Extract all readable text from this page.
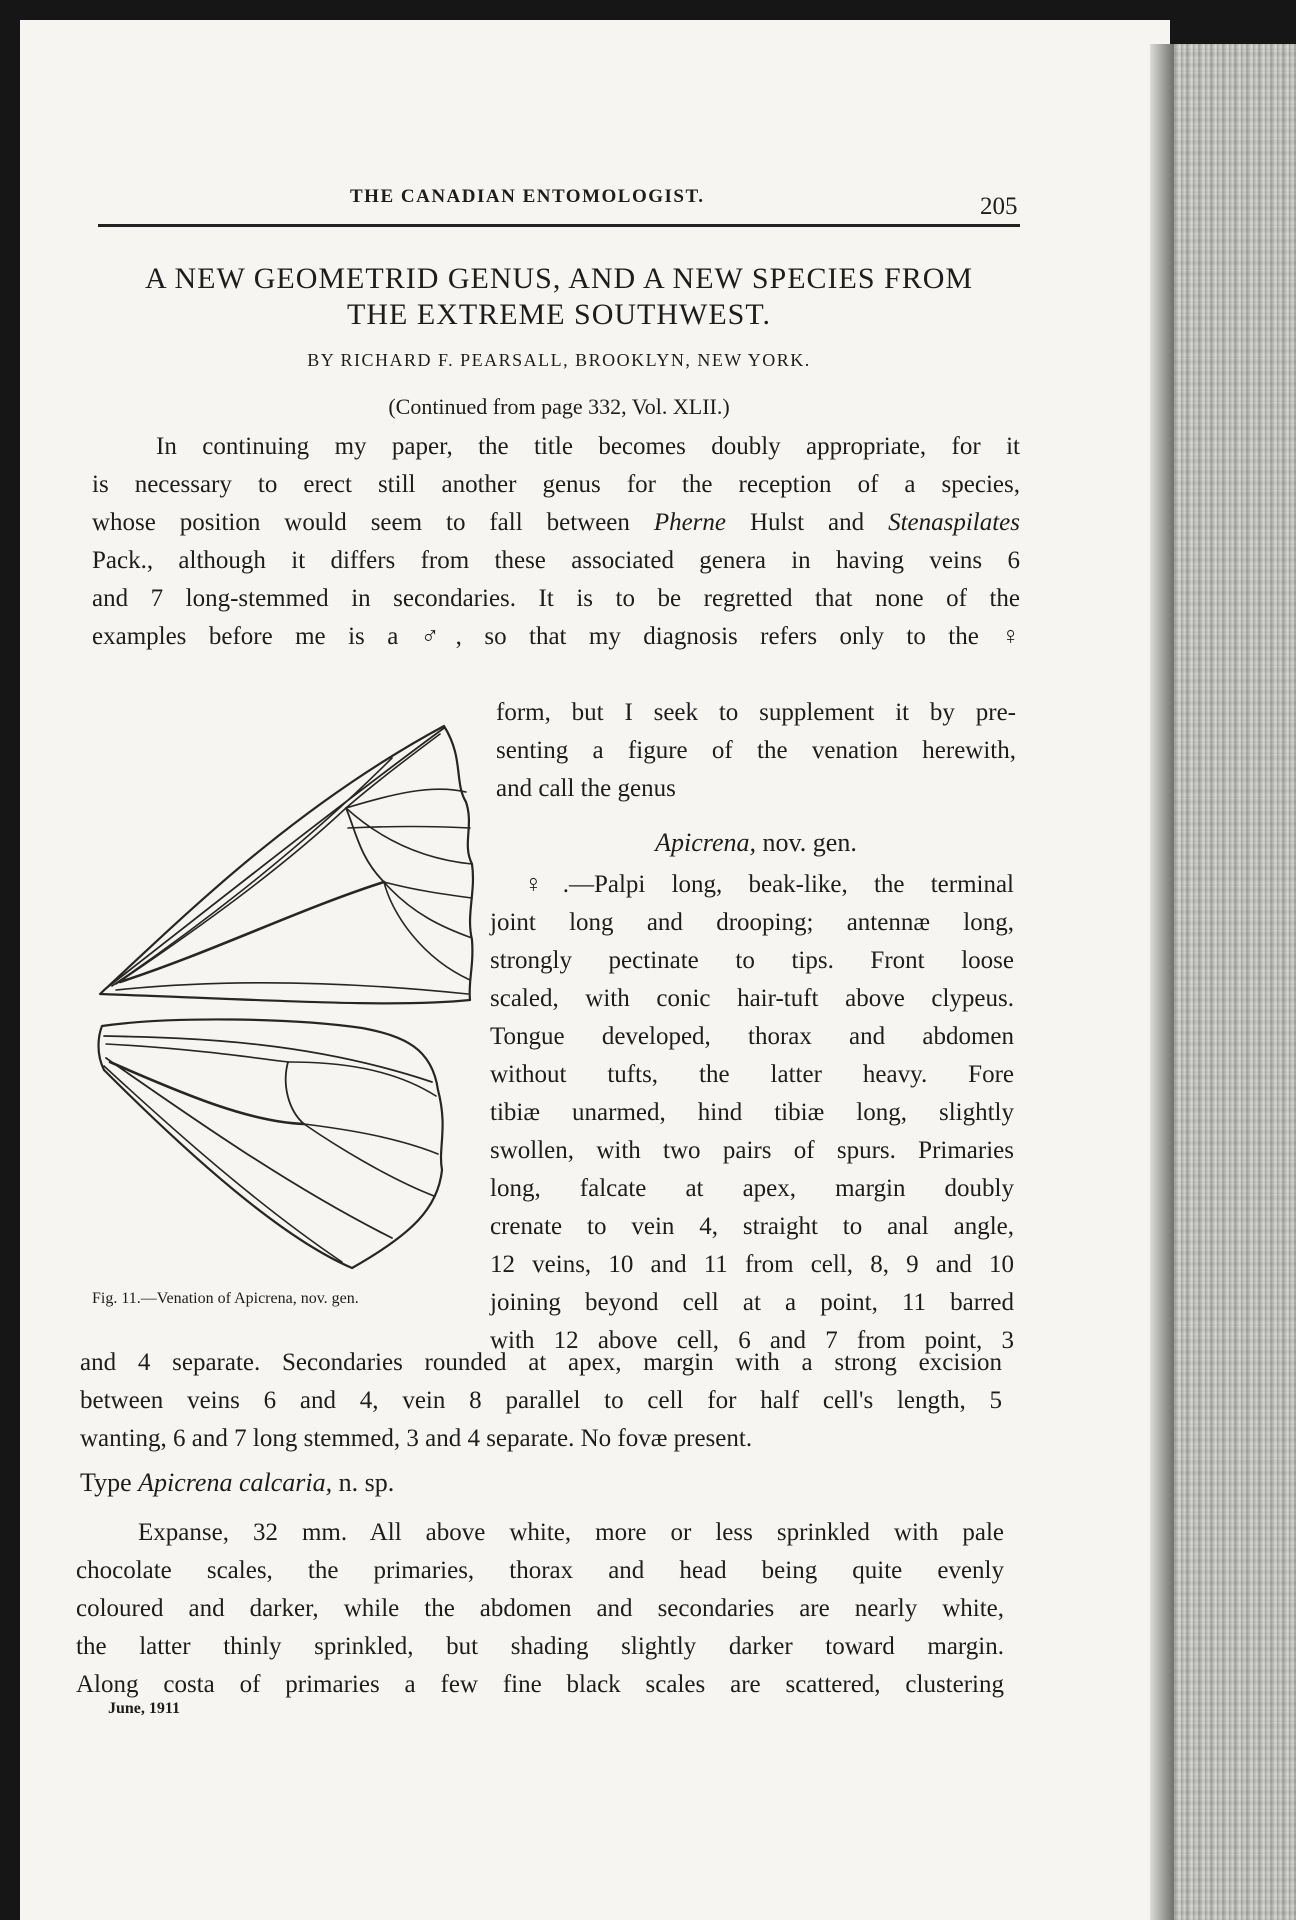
THE CANADIAN ENTOMOLOGIST.	205
A NEW GEOMETRID GENUS, AND A NEW SPECIES FROM
THE EXTREME SOUTHWEST.
BY RICHARD F. PEARSALL, BROOKLYN, NEW YORK.
(Continued from page 332, Vol. XLII.)
In continuing my paper, the title becomes doubly appropriate, for it
is necessary to erect still another genus for the reception of a species,
whose position would seem to fall between Pherne Hulst and Stenaspilates
Pack., although it differs from these associated genera in having veins 6
and 7 long-stemmed in secondaries. It is to be regretted that none of the
examples before me is a ♂, so that my diagnosis refers only to the ♀
form, but I seek to supplement it by pre-
senting a figure of the venation herewith,
and call the genus
Apicrena, nov. gen.
♀.—Palpi long, beak-like, the terminal
joint long and drooping; antennæ long,
strongly pectinate to tips. Front loose
scaled, with conic hair-tuft above clypeus.
Tongue developed, thorax and abdomen
without tufts, the latter heavy. Fore
tibiæ unarmed, hind tibiæ long, slightly
swollen, with two pairs of spurs. Primaries
long, falcate at apex, margin doubly
crenate to vein 4, straight to anal angle,
12 veins, 10 and 11 from cell, 8, 9 and 10
joining beyond cell at a point, 11 barred
with 12 above cell, 6 and 7 from point, 3
and 4 separate. Secondaries rounded at apex, margin with a strong excision
between veins 6 and 4, vein 8 parallel to cell for half cell's length, 5
wanting, 6 and 7 long stemmed, 3 and 4 separate. No fovæ present.
Type Apicrena calcaria, n. sp.
Expanse, 32 mm. All above white, more or less sprinkled with pale
chocolate scales, the primaries, thorax and head being quite evenly
coloured and darker, while the abdomen and secondaries are nearly white,
the latter thinly sprinkled, but shading slightly darker toward margin.
Along costa of primaries a few fine black scales are scattered, clustering
Fig. 11.—Venation of Apicrena, nov. gen.
June, 1911
